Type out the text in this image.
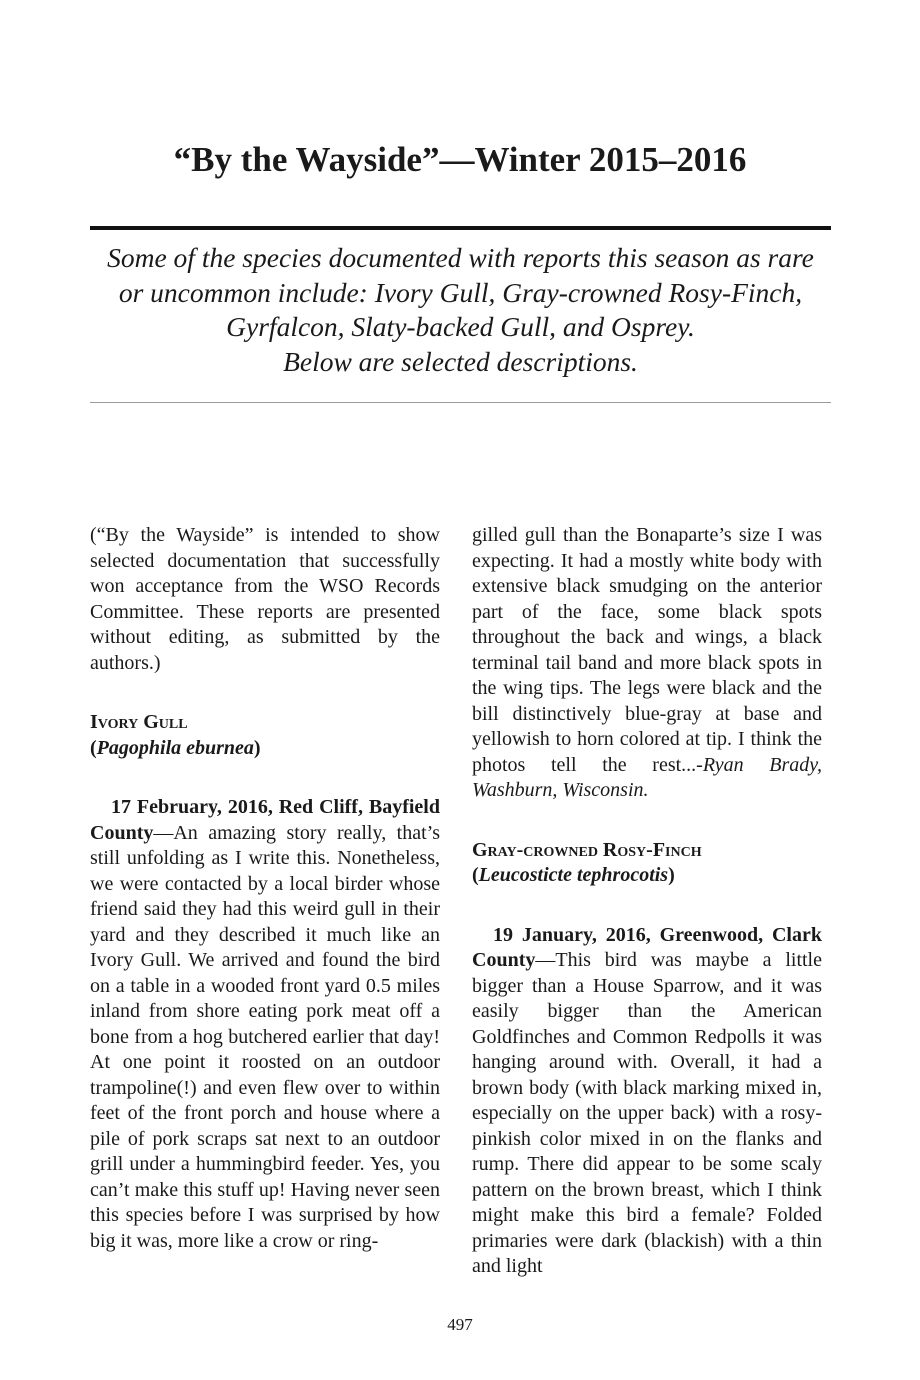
“By the Wayside”—Winter 2015–2016

Some of the species documented with reports this season as rare
or uncommon include: Ivory Gull, Gray-crowned Rosy-Finch,
Gyrfalcon, Slaty-backed Gull, and Osprey.
Below are selected descriptions.

(“By the Wayside” is intended to show selected documentation that successfully won acceptance from the WSO Records Committee. These reports are presented without editing, as submitted by the authors.)

Ivory Gull
(Pagophila eburnea)

17 February, 2016, Red Cliff, Bayfield County—An amazing story really, that’s still unfolding as I write this. Nonetheless, we were contacted by a local birder whose friend said they had this weird gull in their yard and they described it much like an Ivory Gull. We arrived and found the bird on a table in a wooded front yard 0.5 miles inland from shore eating pork meat off a bone from a hog butchered earlier that day! At one point it roosted on an outdoor trampoline(!) and even flew over to within feet of the front porch and house where a pile of pork scraps sat next to an outdoor grill under a hummingbird feeder. Yes, you can’t make this stuff up! Having never seen this species before I was surprised by how big it was, more like a crow or ring-

gilled gull than the Bonaparte’s size I was expecting. It had a mostly white body with extensive black smudging on the anterior part of the face, some black spots throughout the back and wings, a black terminal tail band and more black spots in the wing tips. The legs were black and the bill distinctively blue-gray at base and yellowish to horn colored at tip. I think the photos tell the rest...-Ryan Brady, Washburn, Wisconsin.

Gray-crowned Rosy-Finch
(Leucosticte tephrocotis)

19 January, 2016, Greenwood, Clark County—This bird was maybe a little bigger than a House Sparrow, and it was easily bigger than the American Goldfinches and Common Redpolls it was hanging around with. Overall, it had a brown body (with black marking mixed in, especially on the upper back) with a rosy-pinkish color mixed in on the flanks and rump. There did appear to be some scaly pattern on the brown breast, which I think might make this bird a female? Folded primaries were dark (blackish) with a thin and light

497
